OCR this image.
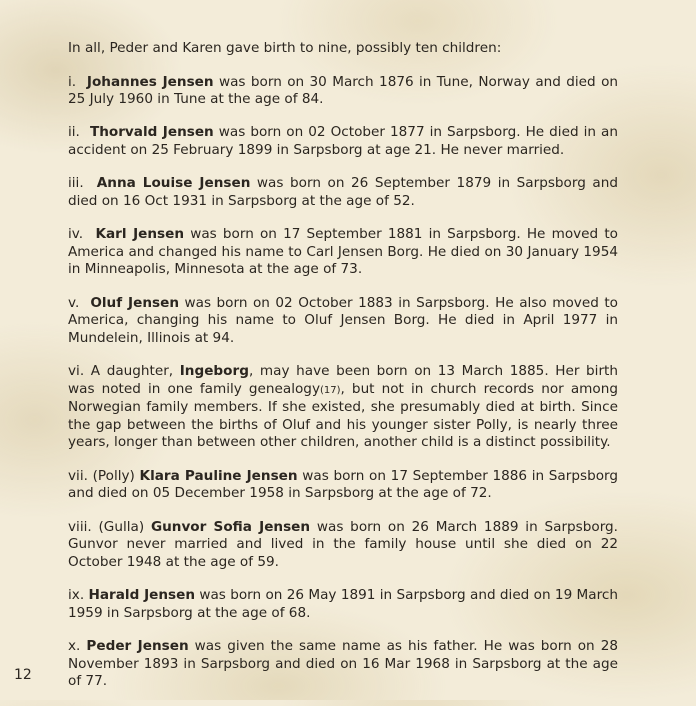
In all, Peder and Karen gave birth to nine, possibly ten children:

i. Johannes Jensen was born on 30 March 1876 in Tune, Norway and died on 25 July 1960 in Tune at the age of 84.

ii. Thorvald Jensen was born on 02 October 1877 in Sarpsborg. He died in an accident on 25 February 1899 in Sarpsborg at age 21. He never married.

iii. Anna Louise Jensen was born on 26 September 1879 in Sarpsborg and died on 16 Oct 1931 in Sarpsborg at the age of 52.

iv. Karl Jensen was born on 17 September 1881 in Sarpsborg. He moved to America and changed his name to Carl Jensen Borg. He died on 30 January 1954 in Minneapolis, Minnesota at the age of 73.

v. Oluf Jensen was born on 02 October 1883 in Sarpsborg. He also moved to America, changing his name to Oluf Jensen Borg. He died in April 1977 in Mundelein, Illinois at 94.

vi. A daughter, Ingeborg, may have been born on 13 March 1885. Her birth was noted in one family genealogy(17), but not in church records nor among Norwegian family members. If she existed, she presumably died at birth. Since the gap between the births of Oluf and his younger sister Polly, is nearly three years, longer than between other children, another child is a distinct possibility.

vii. (Polly) Klara Pauline Jensen was born on 17 September 1886 in Sarpsborg and died on 05 December 1958 in Sarpsborg at the age of 72.

viii. (Gulla) Gunvor Sofia Jensen was born on 26 March 1889 in Sarpsborg. Gunvor never married and lived in the family house until she died on 22 October 1948 at the age of 59.

ix. Harald Jensen was born on 26 May 1891 in Sarpsborg and died on 19 March 1959 in Sarpsborg at the age of 68.

x. Peder Jensen was given the same name as his father. He was born on 28 November 1893 in Sarpsborg and died on 16 Mar 1968 in Sarpsborg at the age of 77.

12
